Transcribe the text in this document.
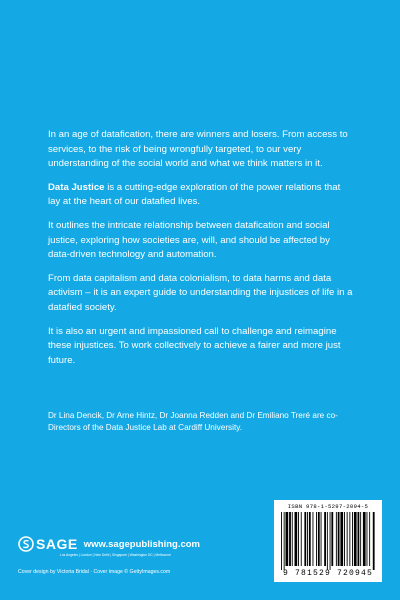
In an age of datafication, there are winners and losers. From access to services, to the risk of being wrongfully targeted, to our very understanding of the social world and what we think matters in it.

Data Justice is a cutting-edge exploration of the power relations that lay at the heart of our datafied lives.

It outlines the intricate relationship between datafication and social justice, exploring how societies are, will, and should be affected by data-driven technology and automation.

From data capitalism and data colonialism, to data harms and data activism – it is an expert guide to understanding the injustices of life in a datafied society.

It is also an urgent and impassioned call to challenge and reimagine these injustices. To work collectively to achieve a fairer and more just future.

Dr Lina Dencik, Dr Arne Hintz, Dr Joanna Redden and Dr Emiliano Treré are co-Directors of the Data Justice Lab at Cardiff University.
SAGE www.sagepublishing.com
Los Angeles | London | New Delhi | Singapore | Washington DC | Melbourne
Cover design by Victoria Bridal · Cover image © GettyImages.com
ISBN 978-1-5297-2094-5
9 781529 720945
